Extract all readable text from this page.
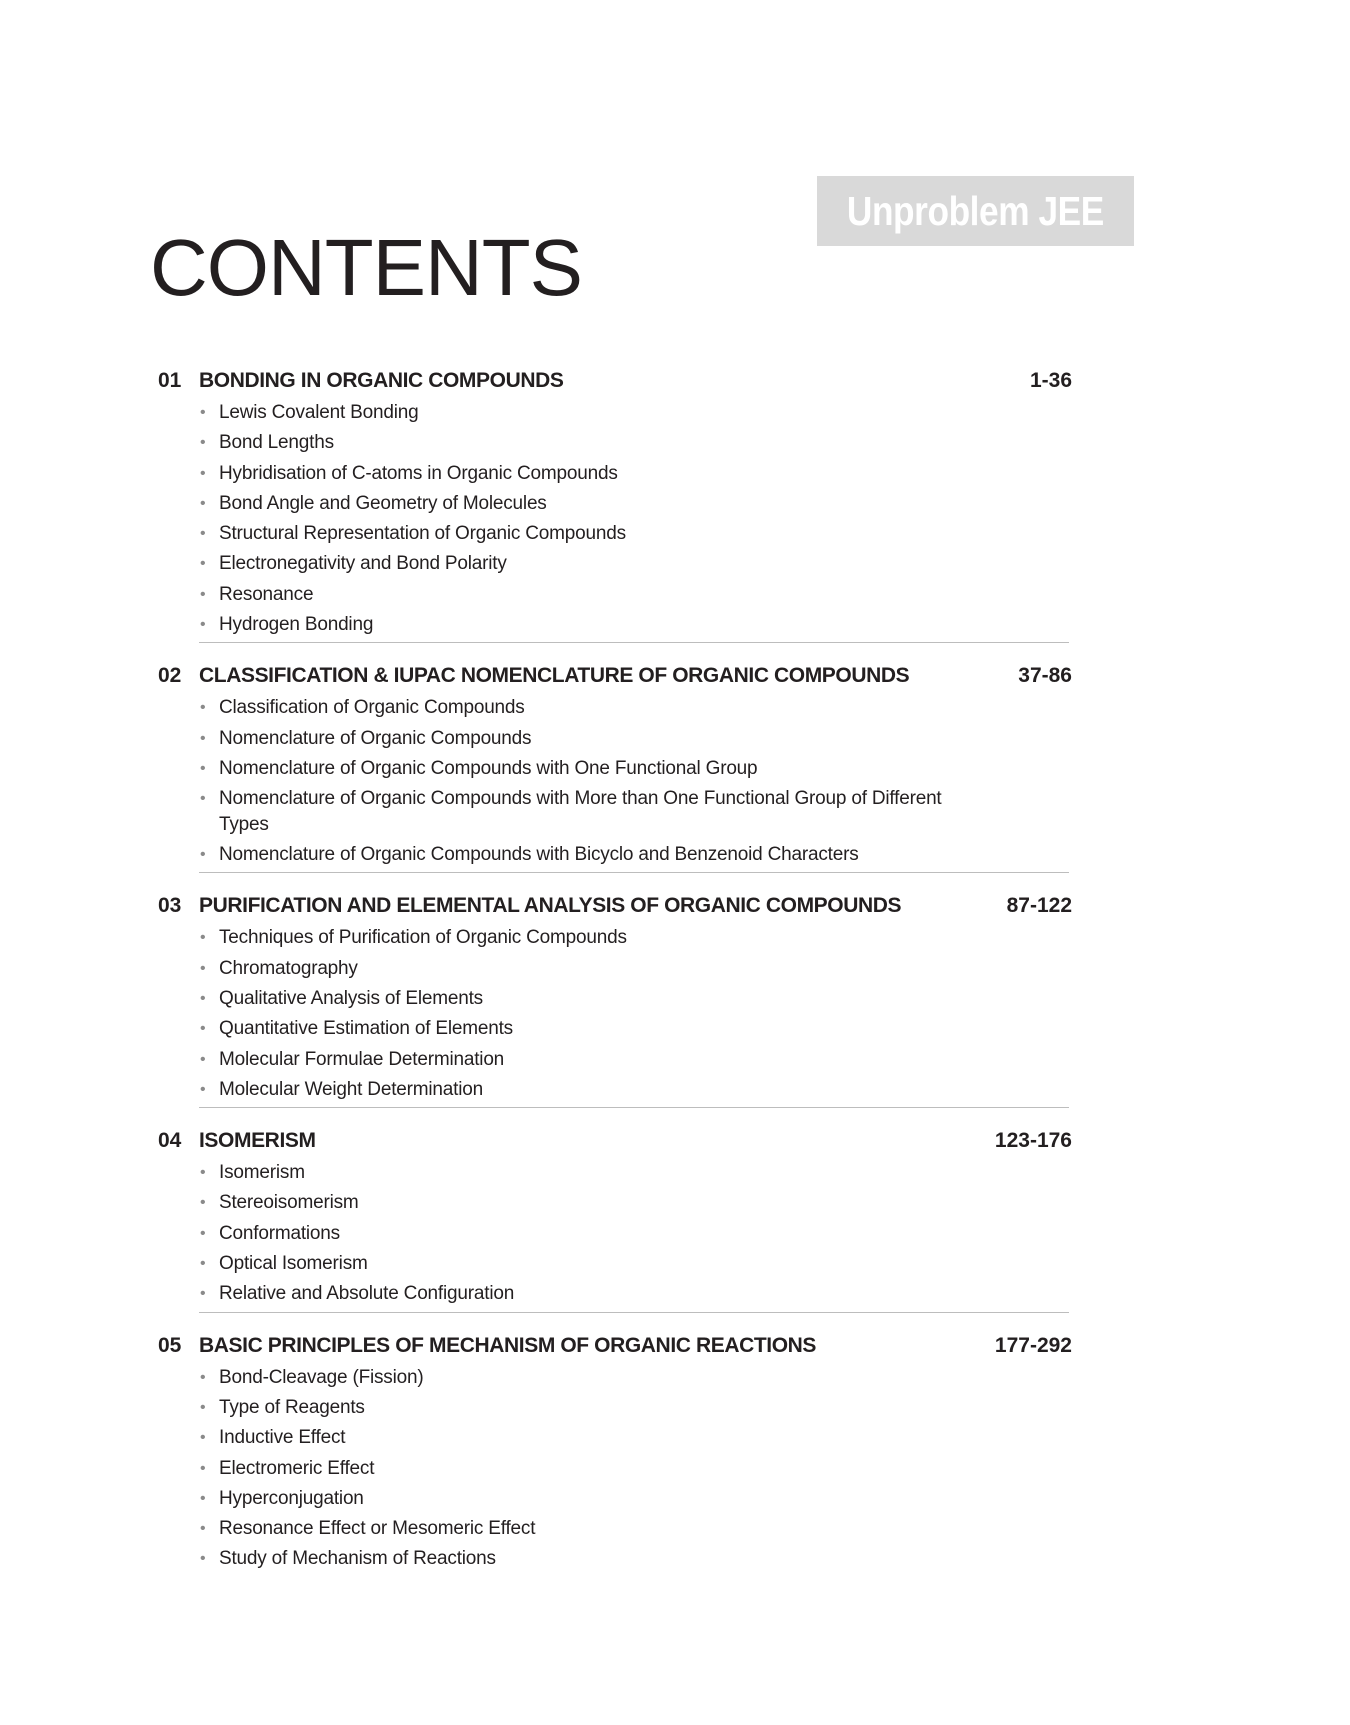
Unproblem JEE
CONTENTS
01 BONDING IN ORGANIC COMPOUNDS	1-36
• Lewis Covalent Bonding
• Bond Lengths
• Hybridisation of C-atoms in Organic Compounds
• Bond Angle and Geometry of Molecules
• Structural Representation of Organic Compounds
• Electronegativity and Bond Polarity
• Resonance
• Hydrogen Bonding
02 CLASSIFICATION & IUPAC NOMENCLATURE OF ORGANIC COMPOUNDS	37-86
• Classification of Organic Compounds
• Nomenclature of Organic Compounds
• Nomenclature of Organic Compounds with One Functional Group
• Nomenclature of Organic Compounds with More than One Functional Group of Different Types
• Nomenclature of Organic Compounds with Bicyclo and Benzenoid Characters
03 PURIFICATION AND ELEMENTAL ANALYSIS OF ORGANIC COMPOUNDS	87-122
• Techniques of Purification of Organic Compounds
• Chromatography
• Qualitative Analysis of Elements
• Quantitative Estimation of Elements
• Molecular Formulae Determination
• Molecular Weight Determination
04 ISOMERISM	123-176
• Isomerism
• Stereoisomerism
• Conformations
• Optical Isomerism
• Relative and Absolute Configuration
05 BASIC PRINCIPLES OF MECHANISM OF ORGANIC REACTIONS	177-292
• Bond-Cleavage (Fission)
• Type of Reagents
• Inductive Effect
• Electromeric Effect
• Hyperconjugation
• Resonance Effect or Mesomeric Effect
• Study of Mechanism of Reactions
